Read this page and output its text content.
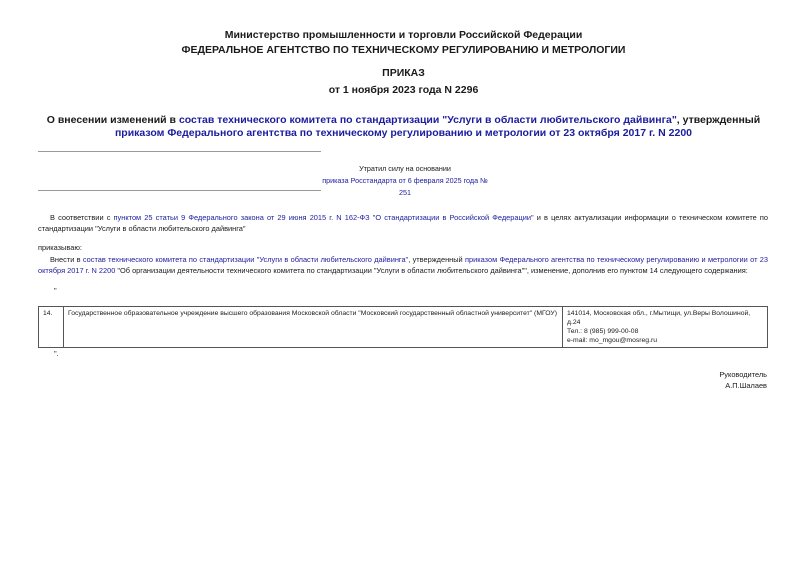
Министерство промышленности и торговли Российской Федерации
ФЕДЕРАЛЬНОЕ АГЕНТСТВО ПО ТЕХНИЧЕСКОМУ РЕГУЛИРОВАНИЮ И МЕТРОЛОГИИ
ПРИКАЗ
от 1 ноября 2023 года N 2296
О внесении изменений в состав технического комитета по стандартизации "Услуги в области любительского дайвинга", утвержденный приказом Федерального агентства по техническому регулированию и метрологии от 23 октября 2017 г. N 2200
Утратил силу на основании
приказа Росстандарта от 6 февраля 2025 года № 251
В соответствии с пунктом 25 статьи 9 Федерального закона от 29 июня 2015 г. N 162-ФЗ "О стандартизации в Российской Федерации" и в целях актуализации информации о техническом комитете по стандартизации "Услуги в области любительского дайвинга"
приказываю:
Внести в состав технического комитета по стандартизации "Услуги в области любительского дайвинга", утвержденный приказом Федерального агентства по техническому регулированию и метрологии от 23 октября 2017 г. N 2200 "Об организации деятельности технического комитета по стандартизации "Услуги в области любительского дайвинга"", изменение, дополнив его пунктом 14 следующего содержания:
"
14.	Государственное образовательное учреждение высшего образования Московской области "Московский государственный областной университет" (МГОУ)	141014, Московская обл., г.Мытищи, ул.Веры Волошиной, д.24
Тел.: 8 (985) 999-00-08
e-mail: mo_mgou@mosreg.ru
".
Руководитель
А.П.Шалаев
